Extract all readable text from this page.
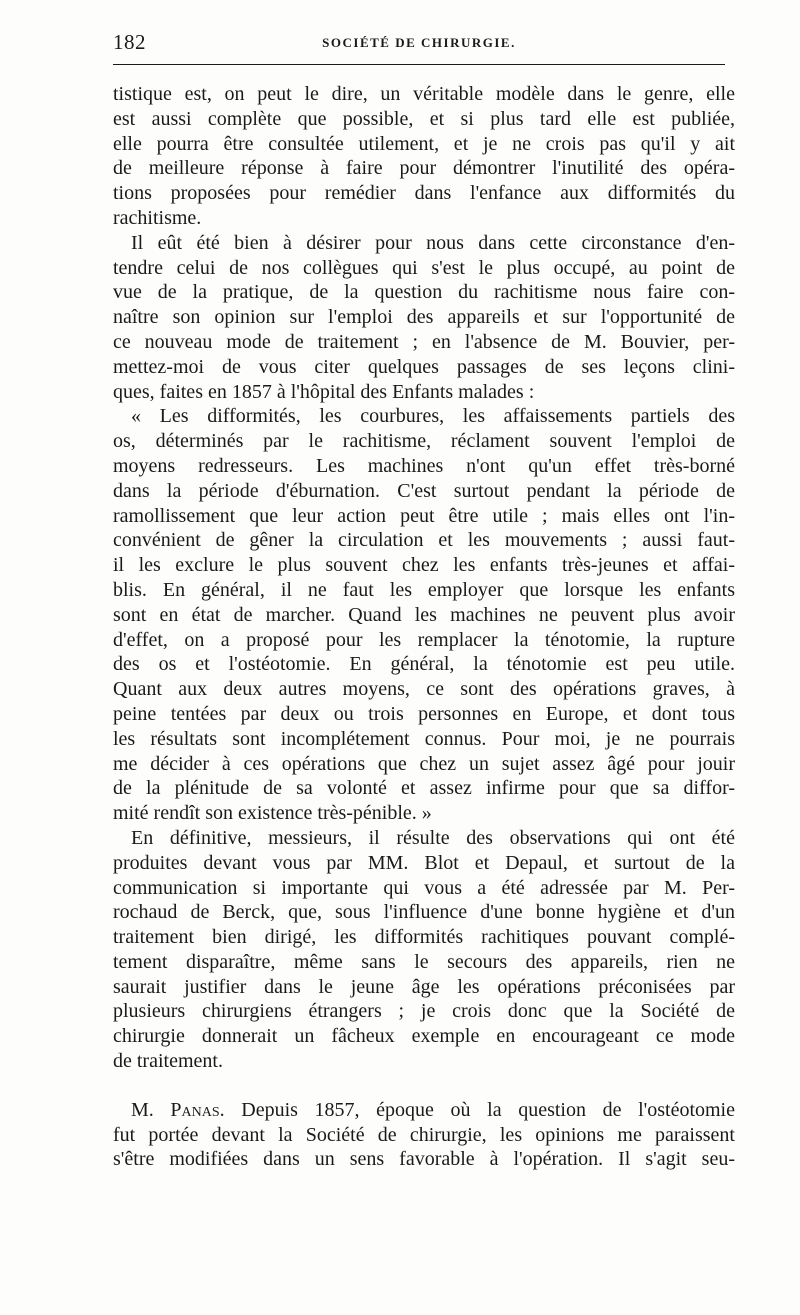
182	SOCIÉTÉ DE CHIRURGIE.
tistique est, on peut le dire, un véritable modèle dans le genre, elle
est aussi complète que possible, et si plus tard elle est publiée,
elle pourra être consultée utilement, et je ne crois pas qu'il y ait
de meilleure réponse à faire pour démontrer l'inutilité des opéra-
tions proposées pour remédier dans l'enfance aux difformités du
rachitisme.
Il eût été bien à désirer pour nous dans cette circonstance d'en-
tendre celui de nos collègues qui s'est le plus occupé, au point de
vue de la pratique, de la question du rachitisme nous faire con-
naître son opinion sur l'emploi des appareils et sur l'opportunité de
ce nouveau mode de traitement ; en l'absence de M. Bouvier, per-
mettez-moi de vous citer quelques passages de ses leçons clini-
ques, faites en 1857 à l'hôpital des Enfants malades :
« Les difformités, les courbures, les affaissements partiels des
os, déterminés par le rachitisme, réclament souvent l'emploi de
moyens redresseurs. Les machines n'ont qu'un effet très-borné
dans la période d'éburnation. C'est surtout pendant la période de
ramollissement que leur action peut être utile ; mais elles ont l'in-
convénient de gêner la circulation et les mouvements ; aussi faut-
il les exclure le plus souvent chez les enfants très-jeunes et affai-
blis. En général, il ne faut les employer que lorsque les enfants
sont en état de marcher. Quand les machines ne peuvent plus avoir
d'effet, on a proposé pour les remplacer la ténotomie, la rupture
des os et l'ostéotomie. En général, la ténotomie est peu utile.
Quant aux deux autres moyens, ce sont des opérations graves, à
peine tentées par deux ou trois personnes en Europe, et dont tous
les résultats sont incomplétement connus. Pour moi, je ne pourrais
me décider à ces opérations que chez un sujet assez âgé pour jouir
de la plénitude de sa volonté et assez infirme pour que sa diffor-
mité rendît son existence très-pénible. »
En définitive, messieurs, il résulte des observations qui ont été
produites devant vous par MM. Blot et Depaul, et surtout de la
communication si importante qui vous a été adressée par M. Per-
rochaud de Berck, que, sous l'influence d'une bonne hygiène et d'un
traitement bien dirigé, les difformités rachitiques pouvant complé-
tement disparaître, même sans le secours des appareils, rien ne
saurait justifier dans le jeune âge les opérations préconisées par
plusieurs chirurgiens étrangers ; je crois donc que la Société de
chirurgie donnerait un fâcheux exemple en encourageant ce mode
de traitement.
M. Panas. Depuis 1857, époque où la question de l'ostéotomie
fut portée devant la Société de chirurgie, les opinions me paraissent
s'être modifiées dans un sens favorable à l'opération. Il s'agit seu-
